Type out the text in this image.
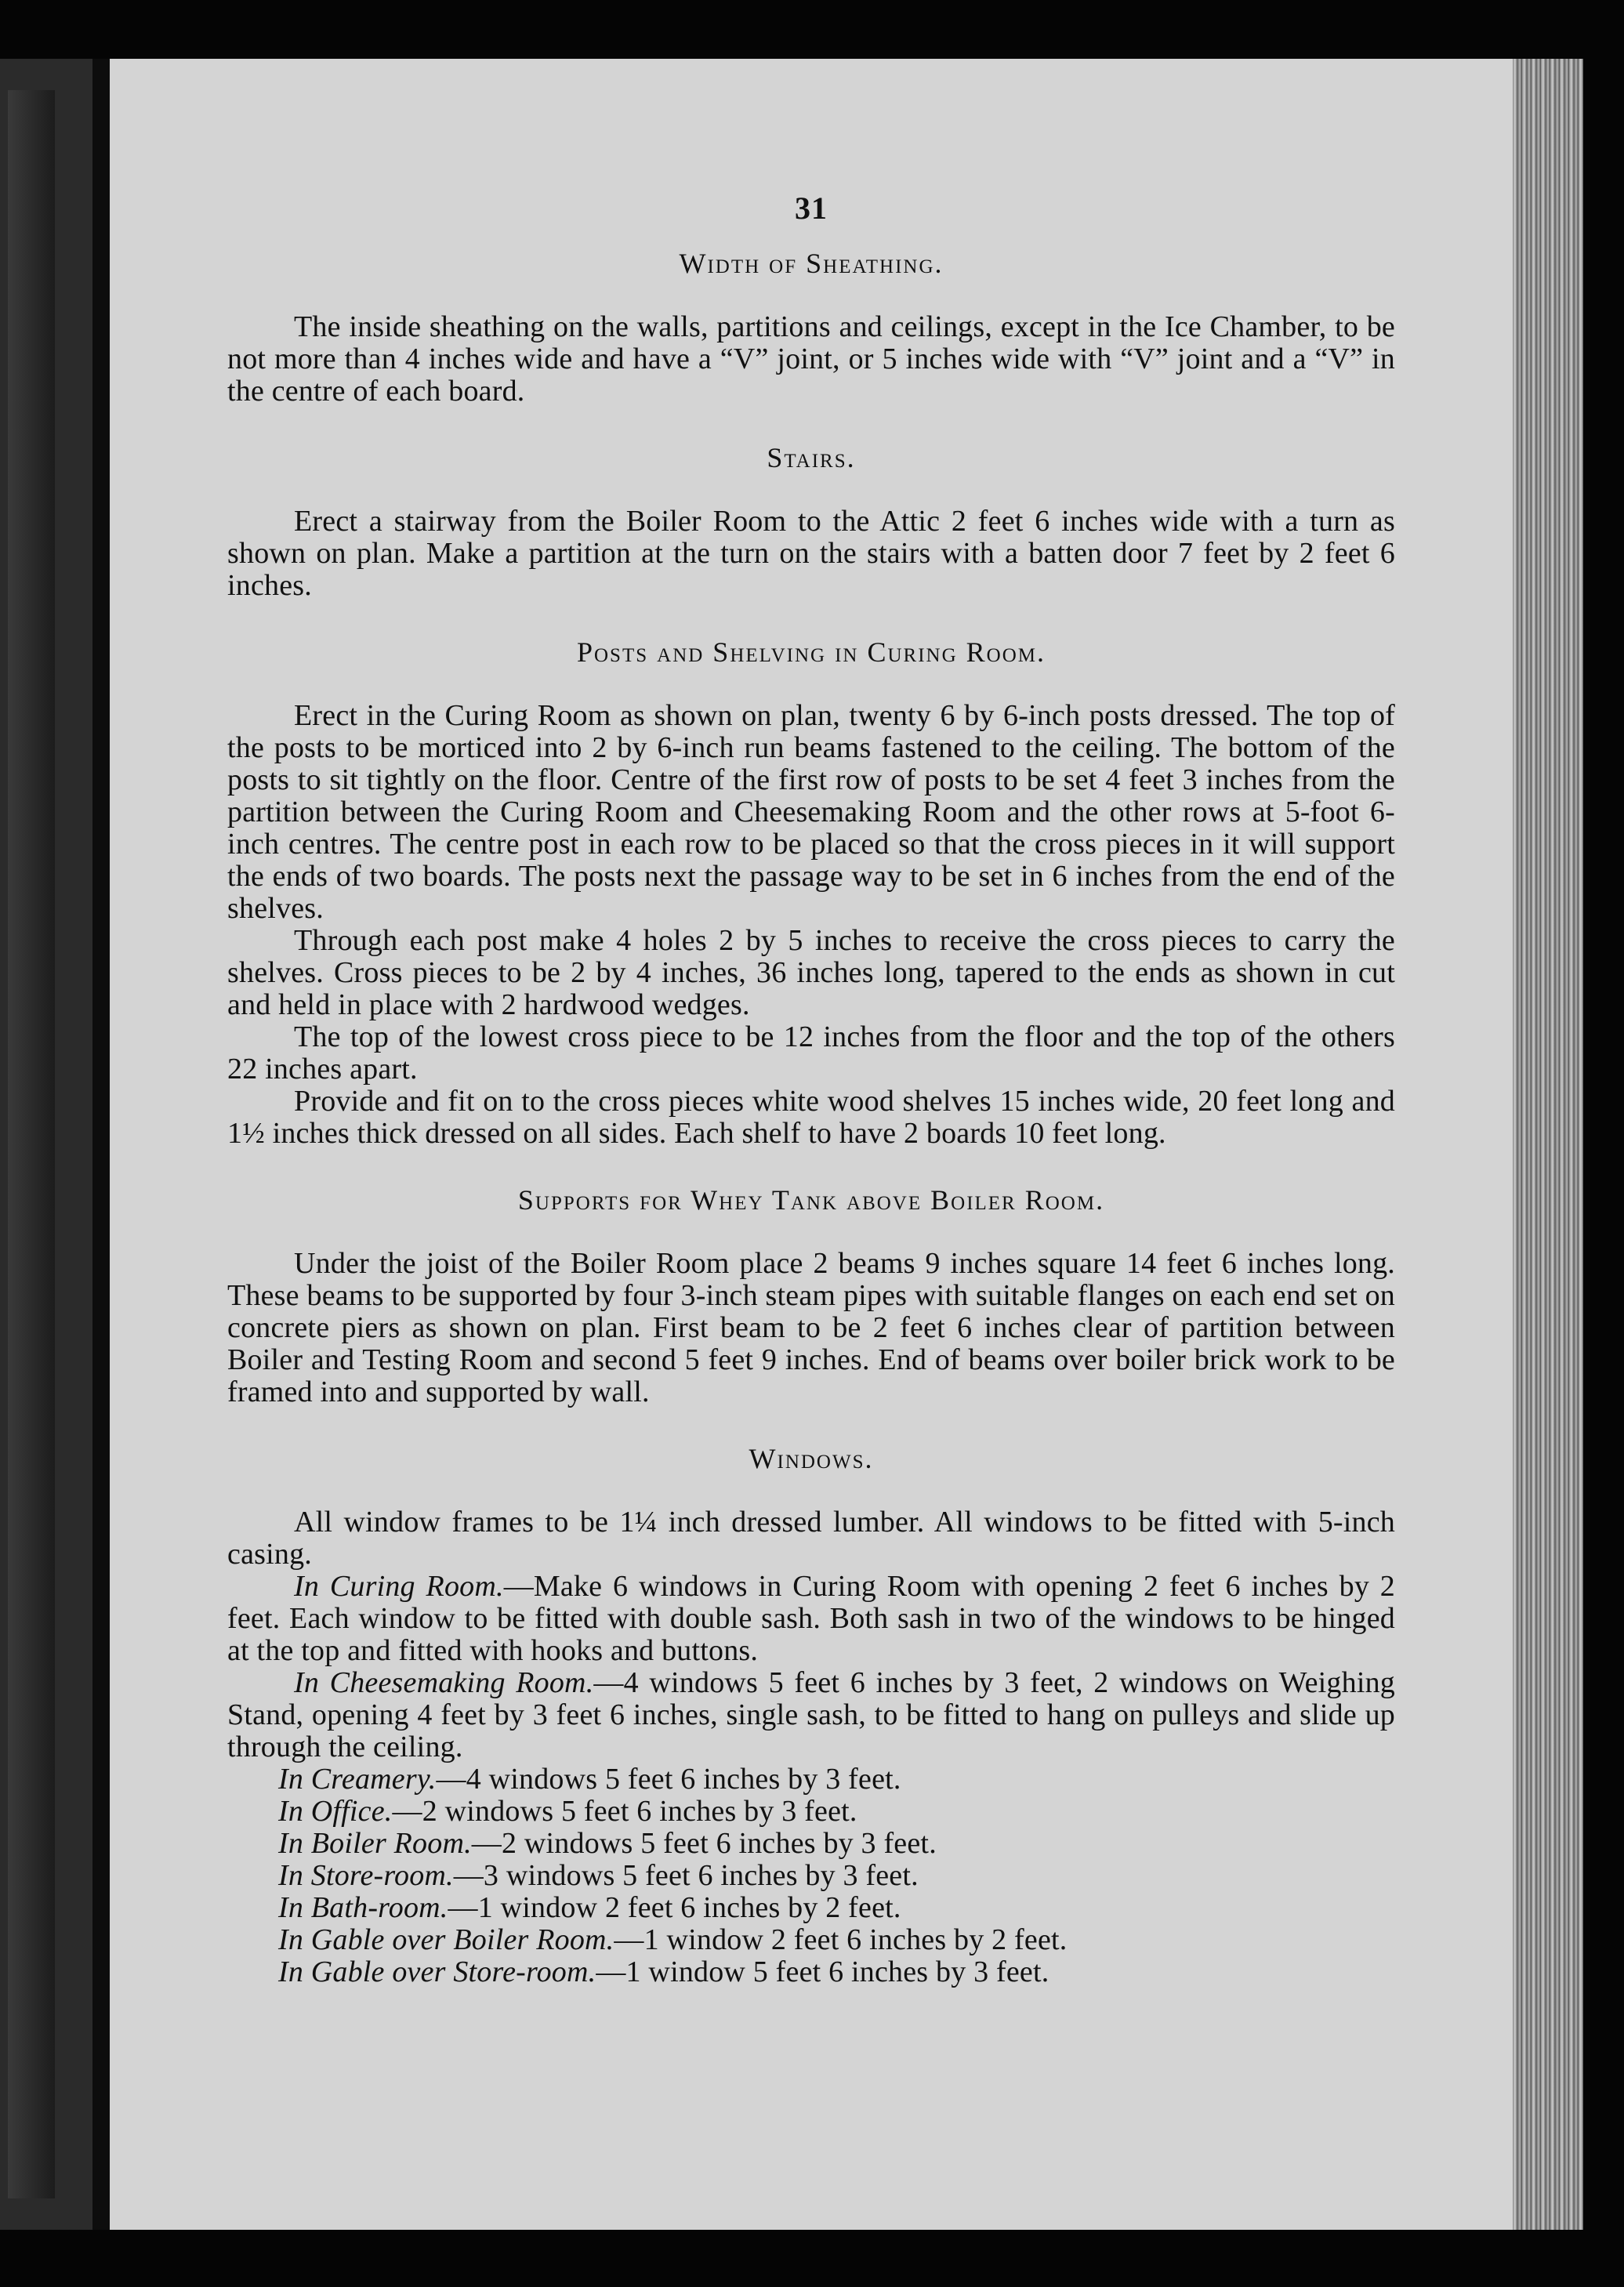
31
Width of Sheathing.

The inside sheathing on the walls, partitions and ceilings, except in the Ice Chamber, to be not more than 4 inches wide and have a “V” joint, or 5 inches wide with “V” joint and a “V” in the centre of each board.

Stairs.

Erect a stairway from the Boiler Room to the Attic 2 feet 6 inches wide with a turn as shown on plan. Make a partition at the turn on the stairs with a batten door 7 feet by 2 feet 6 inches.

Posts and Shelving in Curing Room.

Erect in the Curing Room as shown on plan, twenty 6 by 6-inch posts dressed. The top of the posts to be morticed into 2 by 6-inch run beams fastened to the ceiling. The bottom of the posts to sit tightly on the floor. Centre of the first row of posts to be set 4 feet 3 inches from the partition between the Curing Room and Cheesemaking Room and the other rows at 5-foot 6-inch centres. The centre post in each row to be placed so that the cross pieces in it will support the ends of two boards. The posts next the passage way to be set in 6 inches from the end of the shelves.

Through each post make 4 holes 2 by 5 inches to receive the cross pieces to carry the shelves. Cross pieces to be 2 by 4 inches, 36 inches long, tapered to the ends as shown in cut and held in place with 2 hardwood wedges.

The top of the lowest cross piece to be 12 inches from the floor and the top of the others 22 inches apart.

Provide and fit on to the cross pieces white wood shelves 15 inches wide, 20 feet long and 1½ inches thick dressed on all sides. Each shelf to have 2 boards 10 feet long.

Supports for Whey Tank above Boiler Room.

Under the joist of the Boiler Room place 2 beams 9 inches square 14 feet 6 inches long. These beams to be supported by four 3-inch steam pipes with suitable flanges on each end set on concrete piers as shown on plan. First beam to be 2 feet 6 inches clear of partition between Boiler and Testing Room and second 5 feet 9 inches. End of beams over boiler brick work to be framed into and supported by wall.

Windows.

All window frames to be 1¼ inch dressed lumber. All windows to be fitted with 5-inch casing.

In Curing Room.—Make 6 windows in Curing Room with opening 2 feet 6 inches by 2 feet. Each window to be fitted with double sash. Both sash in two of the windows to be hinged at the top and fitted with hooks and buttons.

In Cheesemaking Room.—4 windows 5 feet 6 inches by 3 feet, 2 windows on Weighing Stand, opening 4 feet by 3 feet 6 inches, single sash, to be fitted to hang on pulleys and slide up through the ceiling.

In Creamery.—4 windows 5 feet 6 inches by 3 feet.
In Office.—2 windows 5 feet 6 inches by 3 feet.
In Boiler Room.—2 windows 5 feet 6 inches by 3 feet.
In Store-room.—3 windows 5 feet 6 inches by 3 feet.
In Bath-room.—1 window 2 feet 6 inches by 2 feet.
In Gable over Boiler Room.—1 window 2 feet 6 inches by 2 feet.
In Gable over Store-room.—1 window 5 feet 6 inches by 3 feet.
